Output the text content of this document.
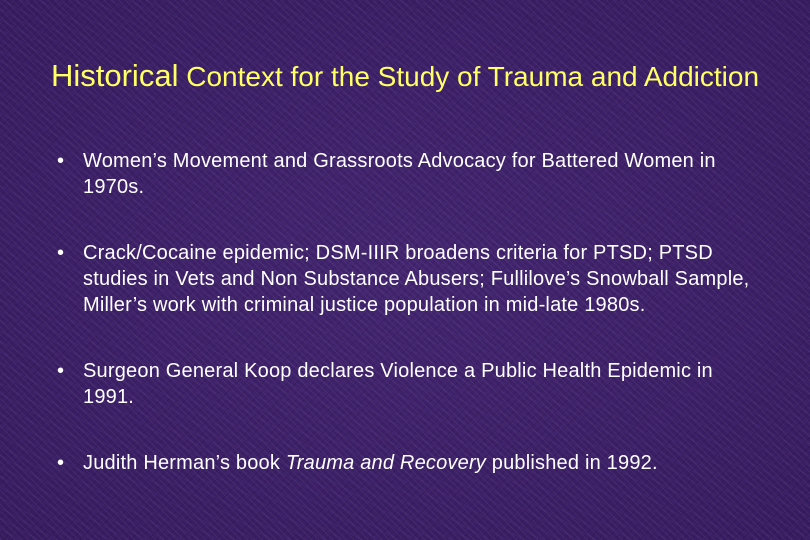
Historical Context for the Study of Trauma and Addiction
• Women’s Movement and Grassroots Advocacy for Battered Women in 1970s.
• Crack/Cocaine epidemic; DSM-IIIR broadens criteria for PTSD; PTSD studies in Vets and Non Substance Abusers; Fullilove’s Snowball Sample, Miller’s work with criminal justice population in mid-late 1980s.
• Surgeon General Koop declares Violence a Public Health Epidemic in 1991.
• Judith Herman’s book Trauma and Recovery published in 1992.
